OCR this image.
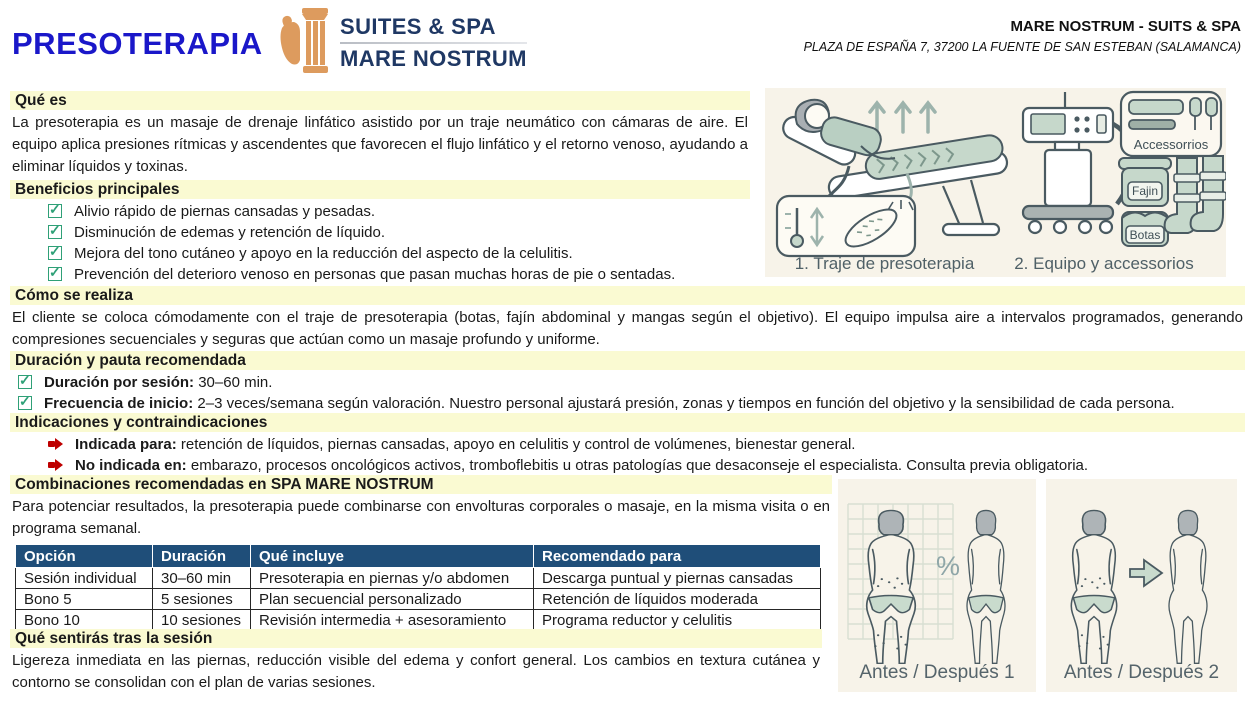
PRESOTERAPIA	SUITES & SPA
MARE NOSTRUM
MARE NOSTRUM - SUITS & SPA
PLAZA DE ESPAÑA 7, 37200 LA FUENTE DE SAN ESTEBAN (SALAMANCA)
Qué es
La presoterapia es un masaje de drenaje linfático asistido por un traje neumático con cámaras de aire. El equipo aplica presiones rítmicas y ascendentes que favorecen el flujo linfático y el retorno venoso, ayudando a eliminar líquidos y toxinas.
Beneficios principales
✓
Alivio rápido de piernas cansadas y pesadas.
✓
Disminución de edemas y retención de líquido.
✓
Mejora del tono cutáneo y apoyo en la reducción del aspecto de la celulitis.
✓
Prevención del deterioro venoso en personas que pasan muchas horas de pie o sentadas.
Cómo se realiza
El cliente se coloca cómodamente con el traje de presoterapia (botas, fajín abdominal y mangas según el objetivo). El equipo impulsa aire a intervalos programados, generando compresiones secuenciales y seguras que actúan como un masaje profundo y uniforme.
Duración y pauta recomendada
✓
Duración por sesión: 30–60 min.
✓
Frecuencia de inicio: 2–3 veces/semana según valoración. Nuestro personal ajustará presión, zonas y tiempos en función del objetivo y la sensibilidad de cada persona.
Indicaciones y contraindicaciones
Indicada para: retención de líquidos, piernas cansadas, apoyo en celulitis y control de volúmenes, bienestar general.
No indicada en: embarazo, procesos oncológicos activos, tromboflebitis u otras patologías que desaconseje el especialista. Consulta previa obligatoria.
Combinaciones recomendadas en SPA MARE NOSTRUM
Para potenciar resultados, la presoterapia puede combinarse con envolturas corporales o masaje, en la misma visita o en programa semanal.
Opción	Duración	Qué incluye	Recomendado para
Sesión individual	30–60 min	Presoterapia en piernas y/o abdomen	Descarga puntual y piernas cansadas
Bono 5	5 sesiones	Plan secuencial personalizado	Retención de líquidos moderada
Bono 10	10 sesiones	Revisión intermedia + asesoramiento	Programa reductor y celulitis
Qué sentirás tras la sesión
Ligereza inmediata en las piernas, reducción visible del edema y confort general. Los cambios en textura cutánea y contorno se consolidan con el plan de varias sesiones.
Accessorrios
Fajin
Botas
1. Traje de presoterapia	2. Equipo y accessorios
%
Antes / Después 1	Antes / Después 2
